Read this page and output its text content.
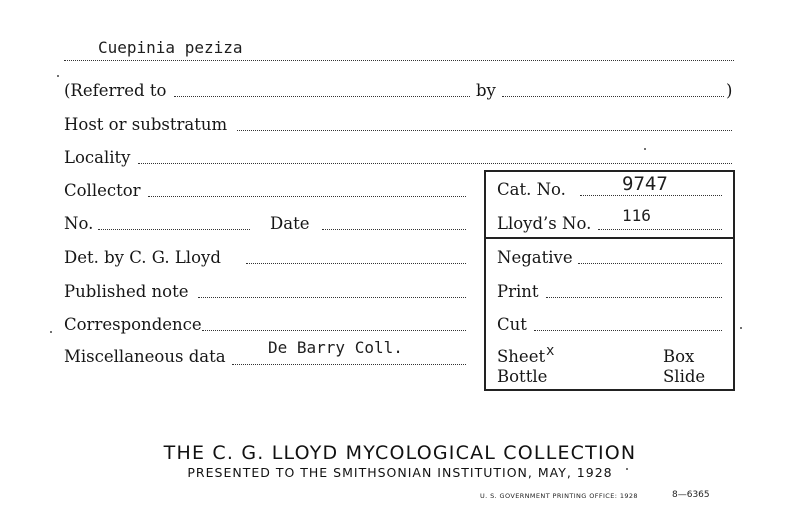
Cuepinia peziza
(Referred to	by	)
Host or substratum
Locality
Collector
No.	Date
Det. by C. G. Lloyd
Published note
Correspondence
Miscellaneous data	De Barry Coll.
Cat. No.	9747
Lloyd’s No. 116
Negative
Print
Cut
Sheet x	Box
Bottle	Slide
THE C. G. LLOYD MYCOLOGICAL COLLECTION
PRESENTED TO THE SMITHSONIAN INSTITUTION, MAY, 1928
U. S. GOVERNMENT PRINTING OFFICE: 1928	8—6365
